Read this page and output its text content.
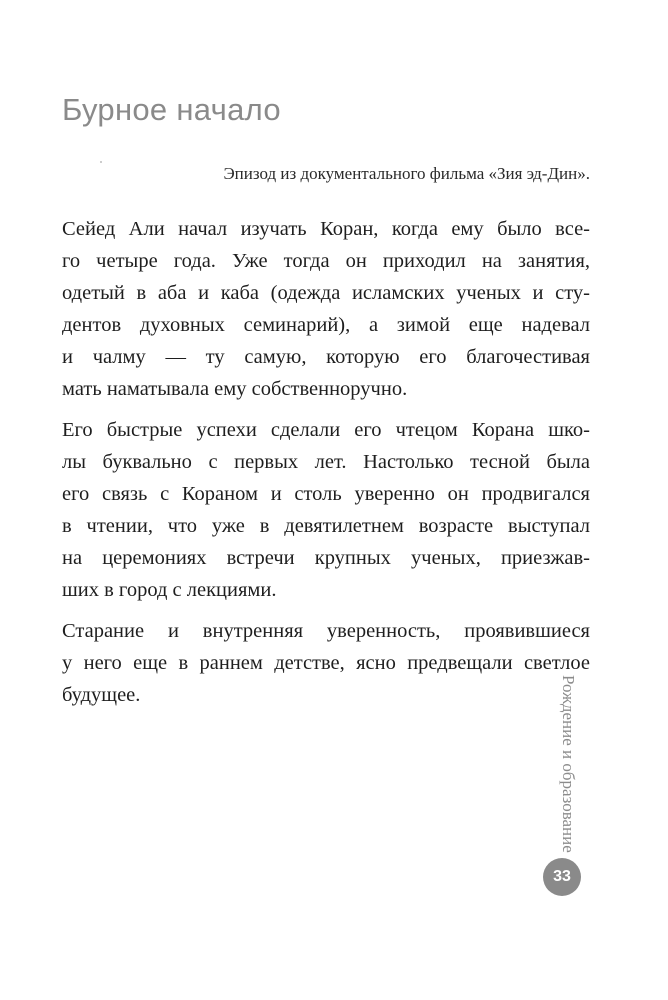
Бурное начало

Эпизод из документального фильма «Зия эд-Дин».

Сейед Али начал изучать Коран, когда ему было все-
го четыре года. Уже тогда он приходил на занятия,
одетый в аба и каба (одежда исламских ученых и сту-
дентов духовных семинарий), а зимой еще надевал
и чалму — ту самую, которую его благочестивая
мать наматывала ему собственноручно.

Его быстрые успехи сделали его чтецом Корана шко-
лы буквально с первых лет. Настолько тесной была
его связь с Кораном и столь уверенно он продвигался
в чтении, что уже в девятилетнем возрасте выступал
на церемониях встречи крупных ученых, приезжав-
ших в город с лекциями.

Старание и внутренняя уверенность, проявившиеся
у него еще в раннем детстве, ясно предвещали светлое
будущее.	Рождение и образование
33
